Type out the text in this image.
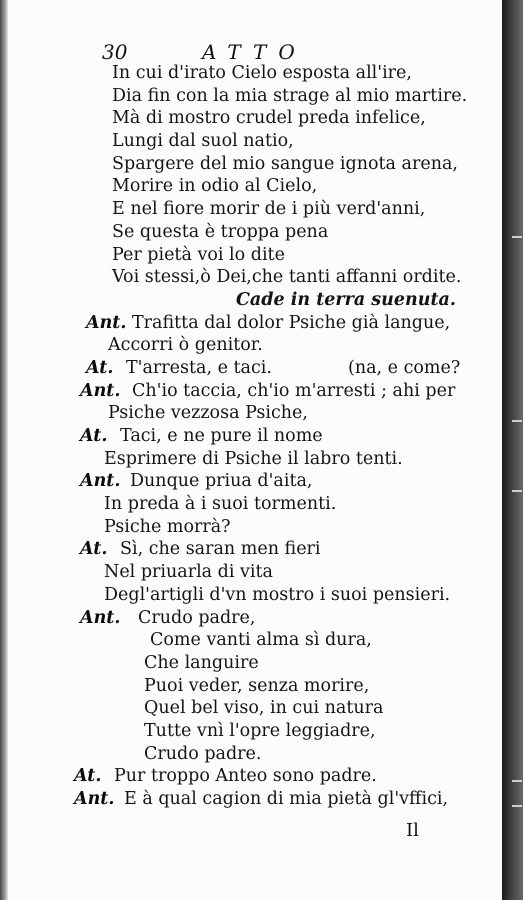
30	ATTO
In cui d'irato Cielo esposta all'ire,
Dia fin con la mia strage al mio martire.
Mà di mostro crudel preda infelice,
Lungi dal suol natio,
Spargere del mio sangue ignota arena,
Morire in odio al Cielo,
E nel fiore morir de i più verd'anni,
Se questa è troppa pena
Per pietà voi lo dite
Voi stessi,ò Dei,che tanti affanni ordite.
Cade in terra suenuta.
Ant. Trafitta dal dolor Psiche già langue,
Accorri ò genitor.
At. T'arresta, e taci.	(na, e come?
Ant. Ch'io taccia, ch'io m'arresti ; ahi per
Psiche vezzosa Psiche,
At. Taci, e ne pure il nome
Esprimere di Psiche il labro tenti.
Ant. Dunque priua d'aita,
In preda à i suoi tormenti.
Psiche morrà?
At. Sì, che saran men fieri
Nel priuarla di vita
Degl'artigli d'vn mostro i suoi pensieri.
Ant. Crudo padre,
Come vanti alma sì dura,
Che languire
Puoi veder, senza morire,
Quel bel viso, in cui natura
Tutte vnì l'opre leggiadre,
Crudo padre.
At. Pur troppo Anteo sono padre.
Ant. E à qual cagion di mia pietà gl'vffici,
Il
